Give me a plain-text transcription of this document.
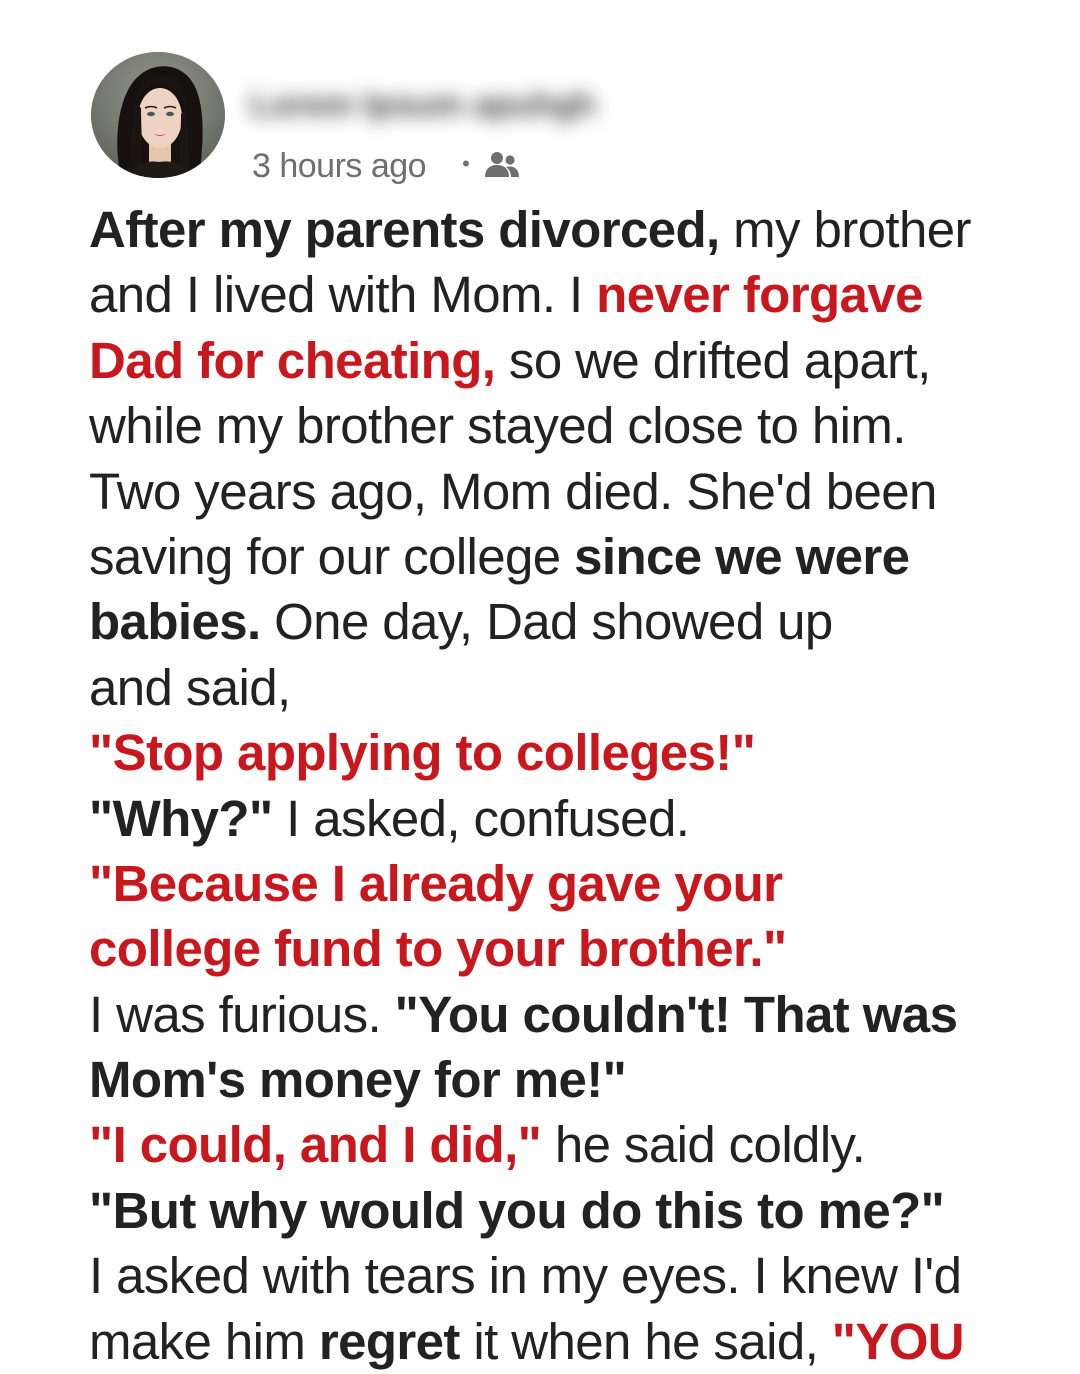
Lorem Ipsum apuhgh
3 hours ago •
After my parents divorced, my brother
and I lived with Mom. I never forgave
Dad for cheating, so we drifted apart,
while my brother stayed close to him.
Two years ago, Mom died. She'd been
saving for our college since we were
babies. One day, Dad showed up
and said,
"Stop applying to colleges!"
"Why?" I asked, confused.
"Because I already gave your
college fund to your brother."
I was furious. "You couldn't! That was
Mom's money for me!"
"I could, and I did," he said coldly.
"But why would you do this to me?"
I asked with tears in my eyes. I knew I'd
make him regret it when he said, "YOU
